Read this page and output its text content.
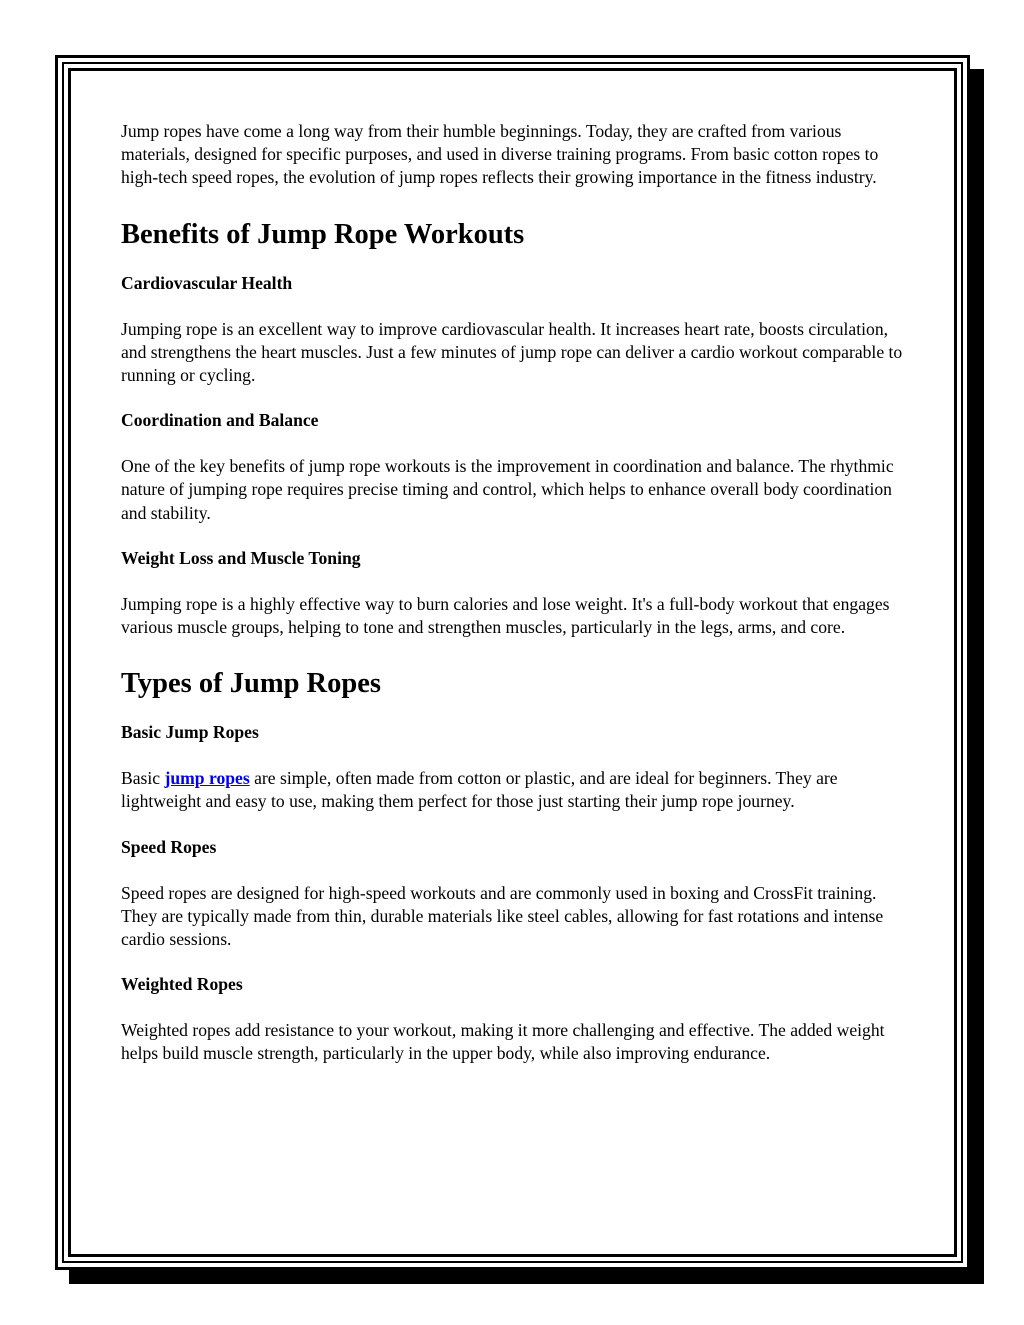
Jump ropes have come a long way from their humble beginnings. Today, they are crafted from various materials, designed for specific purposes, and used in diverse training programs. From basic cotton ropes to high-tech speed ropes, the evolution of jump ropes reflects their growing importance in the fitness industry.

Benefits of Jump Rope Workouts
Cardiovascular Health

Jumping rope is an excellent way to improve cardiovascular health. It increases heart rate, boosts circulation, and strengthens the heart muscles. Just a few minutes of jump rope can deliver a cardio workout comparable to running or cycling.

Coordination and Balance

One of the key benefits of jump rope workouts is the improvement in coordination and balance. The rhythmic nature of jumping rope requires precise timing and control, which helps to enhance overall body coordination and stability.

Weight Loss and Muscle Toning

Jumping rope is a highly effective way to burn calories and lose weight. It's a full-body workout that engages various muscle groups, helping to tone and strengthen muscles, particularly in the legs, arms, and core.

Types of Jump Ropes
Basic Jump Ropes

Basic jump ropes are simple, often made from cotton or plastic, and are ideal for beginners. They are lightweight and easy to use, making them perfect for those just starting their jump rope journey.

Speed Ropes

Speed ropes are designed for high-speed workouts and are commonly used in boxing and CrossFit training. They are typically made from thin, durable materials like steel cables, allowing for fast rotations and intense cardio sessions.

Weighted Ropes

Weighted ropes add resistance to your workout, making it more challenging and effective. The added weight helps build muscle strength, particularly in the upper body, while also improving endurance.
